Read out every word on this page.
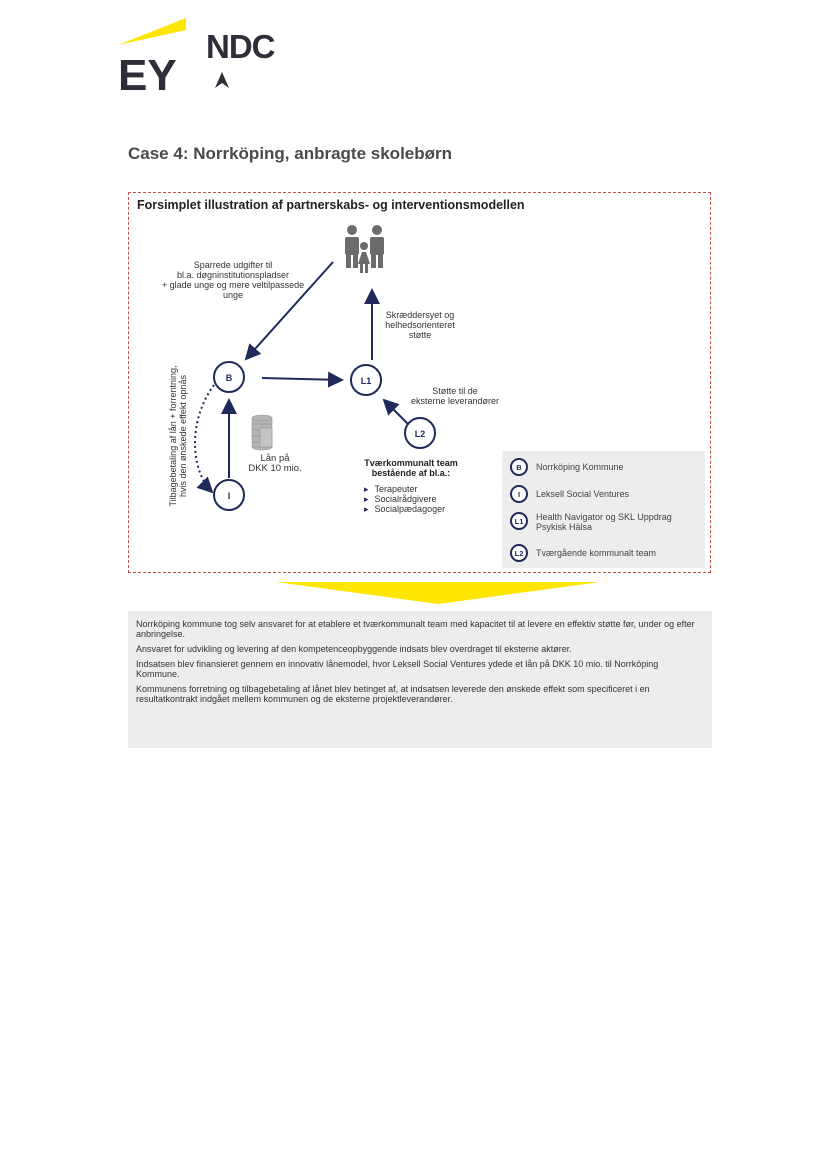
EY
NDC
Case 4: Norrköping, anbragte skolebørn
Forsimplet illustration af partnerskabs- og interventionsmodellen
B	L1
L2
I
Sparrede udgifter til
bl.a. døgninstitutionspladser
+ glade unge og mere veltilpassede
unge
Skræddersyet og
helhedsorienteret
støtte
Støtte til de
eksterne leverandører
Lån på
DKK 10 mio.
Tilbagebetaling af lån + forrentning,
hvis den ønskede effekt opnås
Tværkommunalt team
bestående af bl.a.:
▸ Terapeuter
▸ Socialrådgivere
▸ Socialpædagoger
B	Norrköping Kommune
I	Leksell Social Ventures
L1	Health Navigator og SKL Uppdrag Psykisk Hälsa
L2	Tværgående kommunalt team

Norrköping kommune tog selv ansvaret for at etablere et tværkommunalt team med kapacitet til at levere en effektiv støtte før, under og efter anbringelse.

Ansvaret for udvikling og levering af den kompetenceopbyggende indsats blev overdraget til eksterne aktører.

Indsatsen blev finansieret gennem en innovativ lånemodel, hvor Leksell Social Ventures ydede et lån på DKK 10 mio. til Norrköping Kommune.

Kommunens forretning og tilbagebetaling af lånet blev betinget af, at indsatsen leverede den ønskede effekt som specificeret i en resultatkontrakt indgået mellem kommunen og de eksterne projektleverandører.
